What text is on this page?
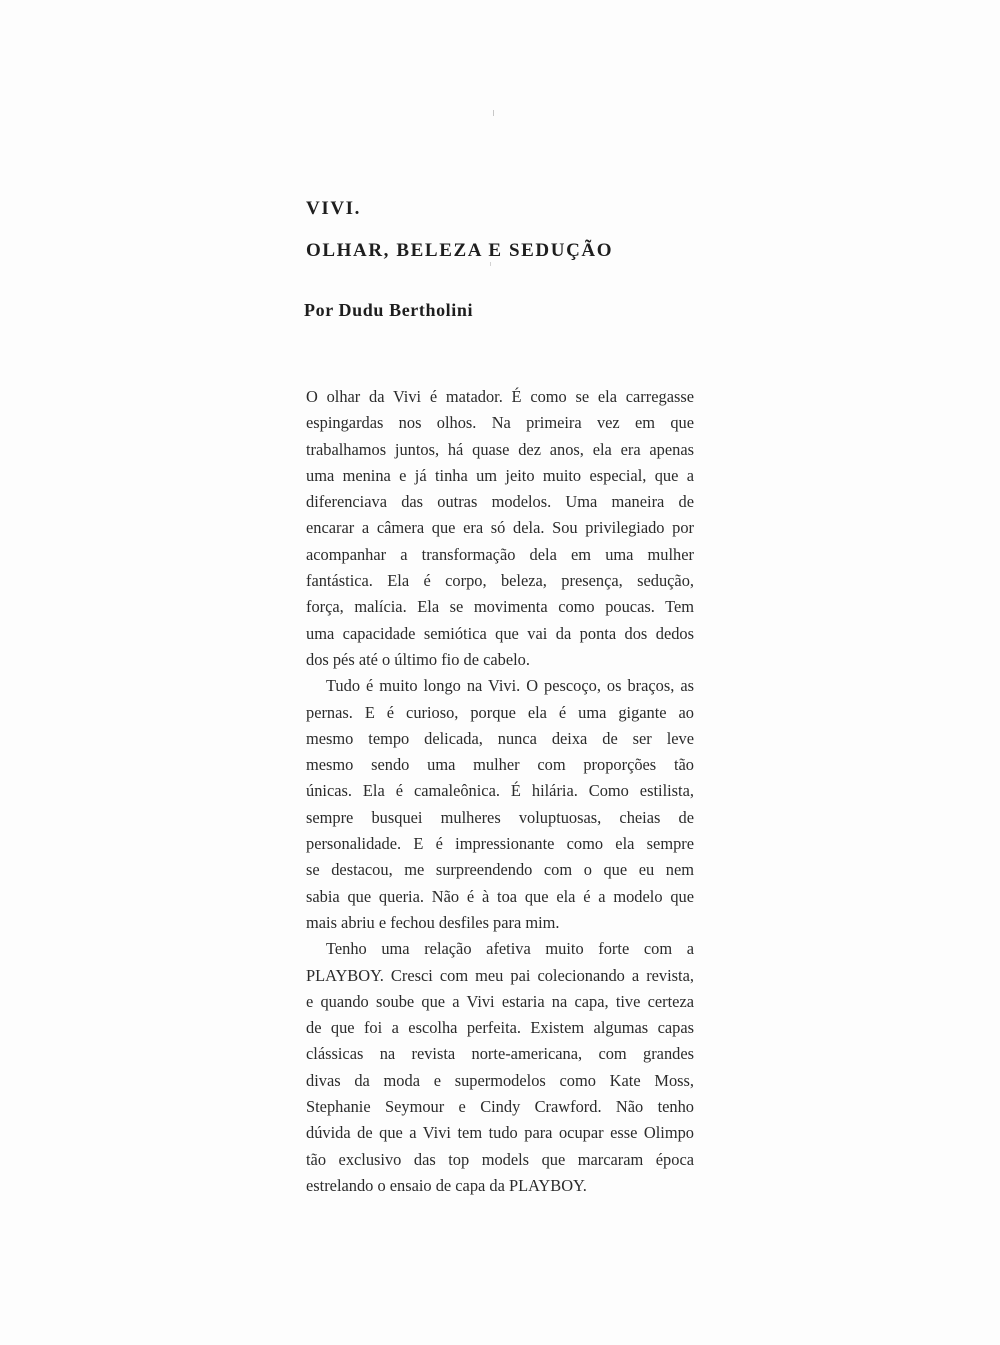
VIVI.
OLHAR, BELEZA E SEDUÇÃO
Por Dudu Bertholini
O olhar da Vivi é matador. É como se ela carregasse
espingardas nos olhos. Na primeira vez em que
trabalhamos juntos, há quase dez anos, ela era apenas
uma menina e já tinha um jeito muito especial, que a
diferenciava das outras modelos. Uma maneira de
encarar a câmera que era só dela. Sou privilegiado por
acompanhar a transformação dela em uma mulher
fantástica. Ela é corpo, beleza, presença, sedução,
força, malícia. Ela se movimenta como poucas. Tem
uma capacidade semiótica que vai da ponta dos dedos
dos pés até o último fio de cabelo.
Tudo é muito longo na Vivi. O pescoço, os braços, as
pernas. E é curioso, porque ela é uma gigante ao
mesmo tempo delicada, nunca deixa de ser leve
mesmo sendo uma mulher com proporções tão
únicas. Ela é camaleônica. É hilária. Como estilista,
sempre busquei mulheres voluptuosas, cheias de
personalidade. E é impressionante como ela sempre
se destacou, me surpreendendo com o que eu nem
sabia que queria. Não é à toa que ela é a modelo que
mais abriu e fechou desfiles para mim.
Tenho uma relação afetiva muito forte com a
PLAYBOY. Cresci com meu pai colecionando a revista,
e quando soube que a Vivi estaria na capa, tive certeza
de que foi a escolha perfeita. Existem algumas capas
clássicas na revista norte-americana, com grandes
divas da moda e supermodelos como Kate Moss,
Stephanie Seymour e Cindy Crawford. Não tenho
dúvida de que a Vivi tem tudo para ocupar esse Olimpo
tão exclusivo das top models que marcaram época
estrelando o ensaio de capa da PLAYBOY.
